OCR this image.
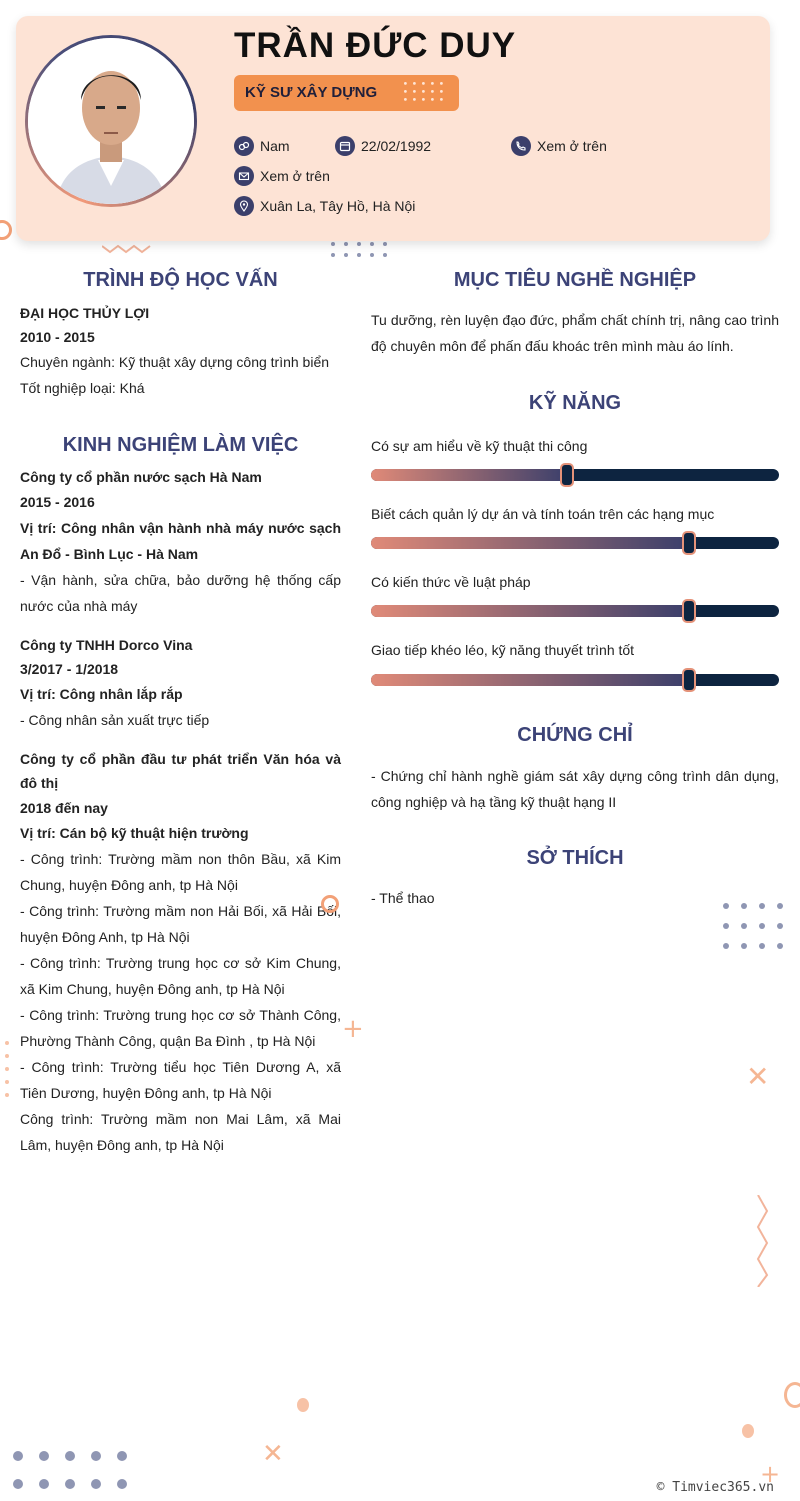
TRẦN ĐỨC DUY
KỸ SƯ XÂY DỰNG
Nam	22/02/1992	Xem ở trên
Xem ở trên
Xuân La, Tây Hồ, Hà Nội
TRÌNH ĐỘ HỌC VẤN
ĐẠI HỌC THỦY LỢI
2010 - 2015
Chuyên ngành: Kỹ thuật xây dựng công trình biển
Tốt nghiệp loại: Khá
KINH NGHIỆM LÀM VIỆC
Công ty cổ phần nước sạch Hà Nam
2015 - 2016
Vị trí: Công nhân vận hành nhà máy nước sạch An Đổ - Bình Lục - Hà Nam
- Vận hành, sửa chữa, bảo dưỡng hệ thống cấp nước của nhà máy
Công ty TNHH Dorco Vina
3/2017 - 1/2018
Vị trí: Công nhân lắp rắp
- Công nhân sản xuất trực tiếp
Công ty cổ phần đầu tư phát triển Văn hóa và đô thị
2018 đến nay
Vị trí: Cán bộ kỹ thuật hiện trường
- Công trình: Trường mầm non thôn Bầu, xã Kim Chung, huyện Đông anh, tp Hà Nội
- Công trình: Trường mầm non Hải Bối, xã Hải Bối, huyện Đông Anh, tp Hà Nội
- Công trình: Trường trung học cơ sở Kim Chung, xã Kim Chung, huyện Đông anh, tp Hà Nội
- Công trình: Trường trung học cơ sở Thành Công, Phường Thành Công, quận Ba Đình , tp Hà Nội
- Công trình: Trường tiểu học Tiên Dương A, xã Tiên Dương, huyện Đông anh, tp Hà Nội
Công trình: Trường mầm non Mai Lâm, xã Mai Lâm, huyện Đông anh, tp Hà Nội
MỤC TIÊU NGHỀ NGHIỆP
Tu dưỡng, rèn luyện đạo đức, phẩm chất chính trị, nâng cao trình độ chuyên môn để phấn đấu khoác trên mình màu áo lính.
KỸ NĂNG
Có sự am hiểu về kỹ thuật thi công
Biết cách quản lý dự án và tính toán trên các hạng mục
Có kiến thức về luật pháp
Giao tiếp khéo léo, kỹ năng thuyết trình tốt
CHỨNG CHỈ
- Chứng chỉ hành nghề giám sát xây dựng công trình dân dụng, công nghiệp và hạ tầng kỹ thuật hạng II
SỞ THÍCH
- Thể thao
+
✕
✕
+
© Timviec365.vn
